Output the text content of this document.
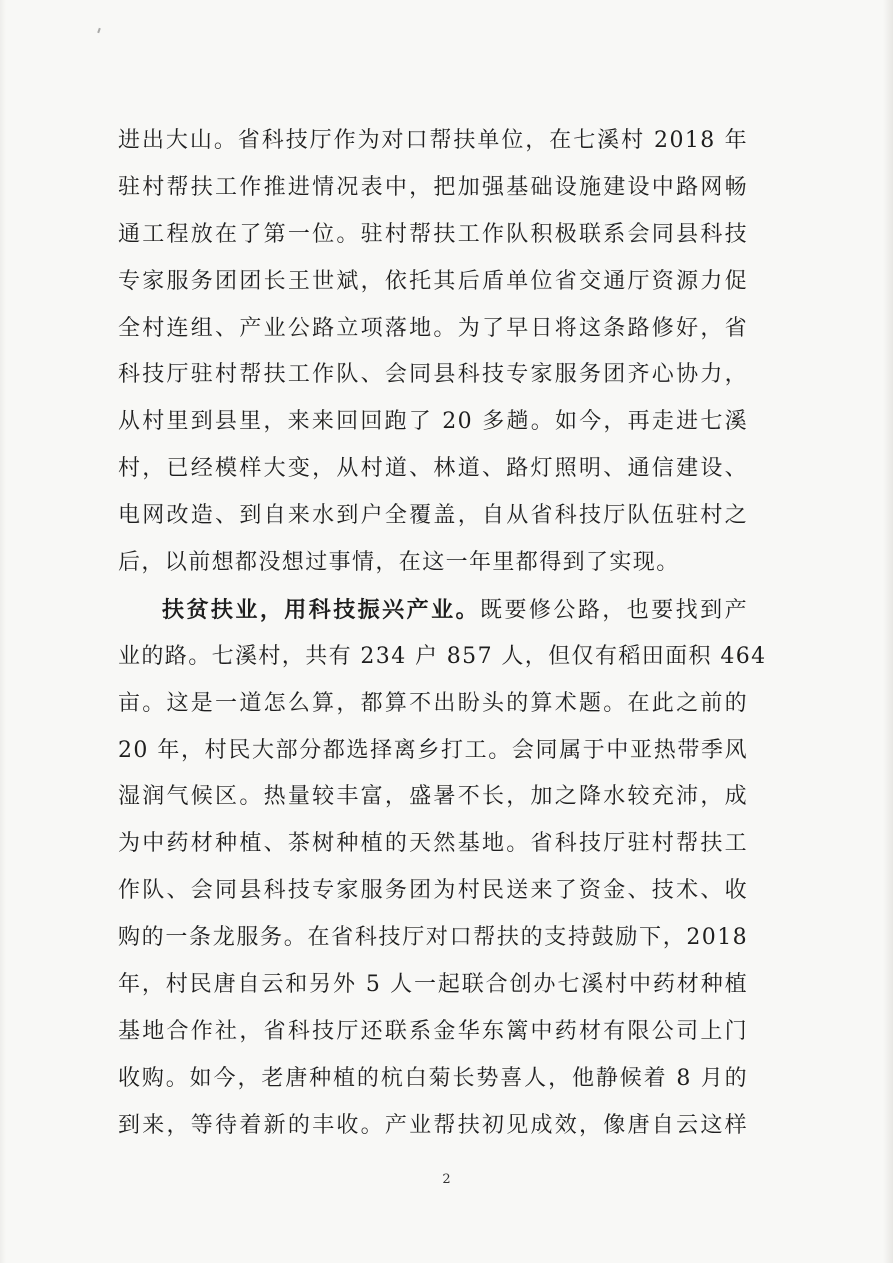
进出大山。省科技厅作为对口帮扶单位，在七溪村 2018 年
驻村帮扶工作推进情况表中，把加强基础设施建设中路网畅
通工程放在了第一位。驻村帮扶工作队积极联系会同县科技
专家服务团团长王世斌，依托其后盾单位省交通厅资源力促
全村连组、产业公路立项落地。为了早日将这条路修好，省
科技厅驻村帮扶工作队、会同县科技专家服务团齐心协力，
从村里到县里，来来回回跑了 20 多趟。如今，再走进七溪
村，已经模样大变，从村道、林道、路灯照明、通信建设、
电网改造、到自来水到户全覆盖，自从省科技厅队伍驻村之
后，以前想都没想过事情，在这一年里都得到了实现。
扶贫扶业，用科技振兴产业。既要修公路，也要找到产
业的路。七溪村，共有 234 户 857 人，但仅有稻田面积 464
亩。这是一道怎么算，都算不出盼头的算术题。在此之前的
20 年，村民大部分都选择离乡打工。会同属于中亚热带季风
湿润气候区。热量较丰富，盛暑不长，加之降水较充沛，成
为中药材种植、茶树种植的天然基地。省科技厅驻村帮扶工
作队、会同县科技专家服务团为村民送来了资金、技术、收
购的一条龙服务。在省科技厅对口帮扶的支持鼓励下，2018
年，村民唐自云和另外 5 人一起联合创办七溪村中药材种植
基地合作社，省科技厅还联系金华东篱中药材有限公司上门
收购。如今，老唐种植的杭白菊长势喜人，他静候着 8 月的
到来，等待着新的丰收。产业帮扶初见成效，像唐自云这样
2
